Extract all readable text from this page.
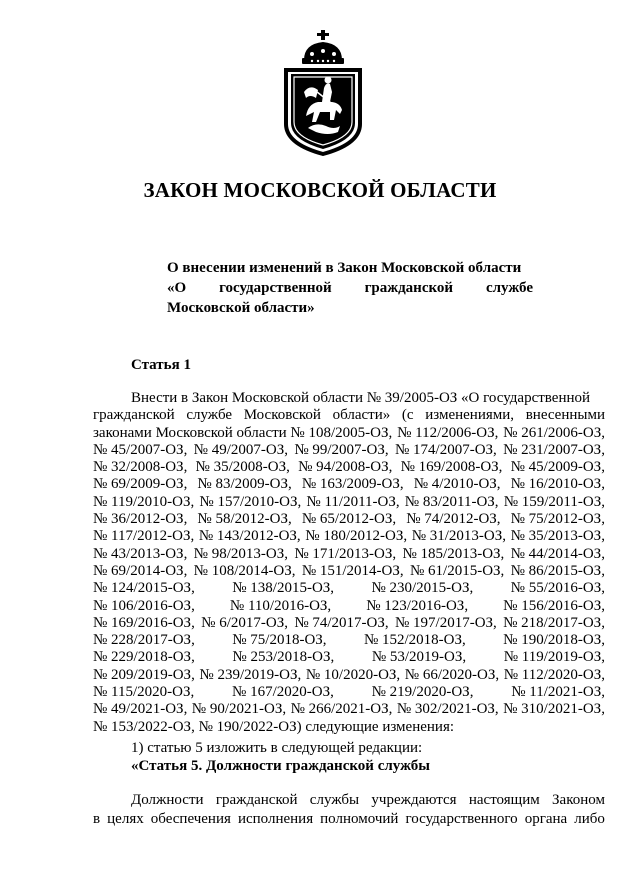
ЗАКОН МОСКОВСКОЙ ОБЛАСТИ
О внесении изменений в Закон Московской области
«О государственной гражданской службе
Московской области»
Статья 1
Внести в Закон Московской области № 39/2005-ОЗ «О государственной
гражданской службе Московской области» (с изменениями, внесенными
законами Московской области № 108/2005-ОЗ, № 112/2006-ОЗ, № 261/2006-ОЗ,
№ 45/2007-ОЗ, № 49/2007-ОЗ, № 99/2007-ОЗ, № 174/2007-ОЗ, № 231/2007-ОЗ,
№ 32/2008-ОЗ, № 35/2008-ОЗ, № 94/2008-ОЗ, № 169/2008-ОЗ, № 45/2009-ОЗ,
№ 69/2009-ОЗ, № 83/2009-ОЗ, № 163/2009-ОЗ, № 4/2010-ОЗ, № 16/2010-ОЗ,
№ 119/2010-ОЗ, № 157/2010-ОЗ, № 11/2011-ОЗ, № 83/2011-ОЗ, № 159/2011-ОЗ,
№ 36/2012-ОЗ, № 58/2012-ОЗ, № 65/2012-ОЗ, № 74/2012-ОЗ, № 75/2012-ОЗ,
№ 117/2012-ОЗ, № 143/2012-ОЗ, № 180/2012-ОЗ, № 31/2013-ОЗ, № 35/2013-ОЗ,
№ 43/2013-ОЗ, № 98/2013-ОЗ, № 171/2013-ОЗ, № 185/2013-ОЗ, № 44/2014-ОЗ,
№ 69/2014-ОЗ, № 108/2014-ОЗ, № 151/2014-ОЗ, № 61/2015-ОЗ, № 86/2015-ОЗ,
№ 124/2015-ОЗ, № 138/2015-ОЗ, № 230/2015-ОЗ, № 55/2016-ОЗ,
№ 106/2016-ОЗ, № 110/2016-ОЗ, № 123/2016-ОЗ, № 156/2016-ОЗ,
№ 169/2016-ОЗ, № 6/2017-ОЗ, № 74/2017-ОЗ, № 197/2017-ОЗ, № 218/2017-ОЗ,
№ 228/2017-ОЗ, № 75/2018-ОЗ, № 152/2018-ОЗ, № 190/2018-ОЗ,
№ 229/2018-ОЗ,	№ 253/2018-ОЗ,	№ 53/2019-ОЗ,	№ 119/2019-ОЗ,
№ 209/2019-ОЗ, № 239/2019-ОЗ, № 10/2020-ОЗ, № 66/2020-ОЗ, № 112/2020-ОЗ,
№ 115/2020-ОЗ,	№ 167/2020-ОЗ,	№ 219/2020-ОЗ,	№ 11/2021-ОЗ,
№ 49/2021-ОЗ, № 90/2021-ОЗ, № 266/2021-ОЗ, № 302/2021-ОЗ, № 310/2021-ОЗ,
№ 153/2022-ОЗ, № 190/2022-ОЗ) следующие изменения:
1) статью 5 изложить в следующей редакции:
«Статья 5. Должности гражданской службы
Должности гражданской службы учреждаются настоящим Законом
в целях обеспечения исполнения полномочий государственного органа либо
